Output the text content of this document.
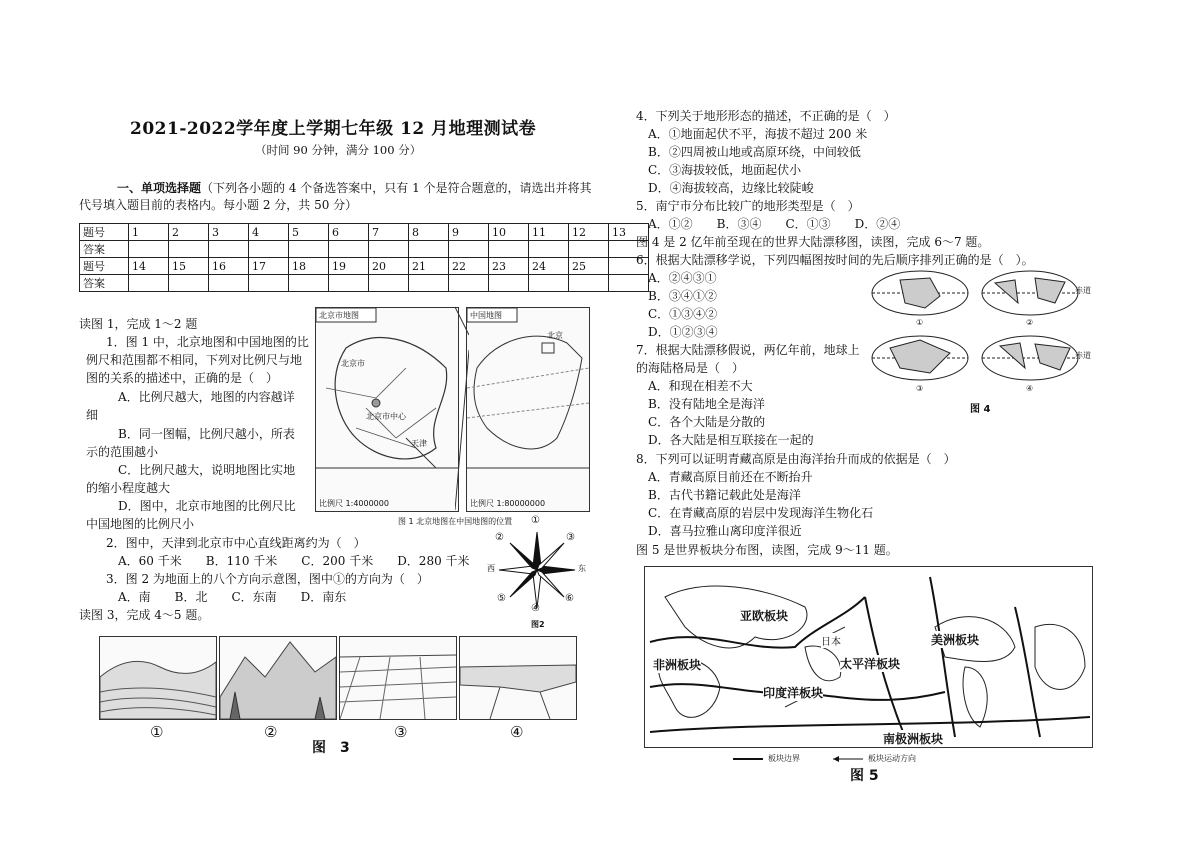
2021-2022学年度上学期七年级 12 月地理测试卷
（时间 90 分钟，满分 100 分）
一、单项选择题（下列各小题的 4 个备选答案中，只有 1 个是符合题意的，请选出并将其
代号填入题目前的表格内。每小题 2 分，共 50 分）
题号	1	2	3	4	5	6	7	8	9	10	11	12	13
答案													
题号	14	15	16	17	18	19	20	21	22	23	24	25	
答案													
读图 1，完成 1～2 题
1．图 1 中，北京地图和中国地图的比
例尺和范围都不相同，下列对比例尺与地
图的关系的描述中，正确的是（　）
A．比例尺越大，地图的内容越详
细
B．同一图幅，比例尺越小，所表
示的范围越小
C．比例尺越大，说明地图比实地
的缩小程度越大
D．图中，北京市地图的比例尺比
中国地图的比例尺小
2．图中，天津到北京市中心直线距离约为（　）
A．60 千米　　B．110 千米　　C．200 千米　　D．280 千米
3．图 2 为地面上的八个方向示意图，图中①的方向为（　）
A．南　　B．北　　C．东南　　D．南东
读图 3，完成 4～5 题。
北京市地图
北京市
北京市中心
天津
比例尺 1:4000000
中国地图
北京
比例尺 1:80000000
图 1 北京地图在中国地图的位置 ①
②	③
④
⑤	⑥
西	东
图2
①	②	③	④
图　3
4．下列关于地形形态的描述，不正确的是（　）
A．①地面起伏不平，海拔不超过 200 米
B．②四周被山地或高原环绕，中间较低
C．③海拔较低，地面起伏小
D．④海拔较高，边缘比较陡峻
5．南宁市分布比较广的地形类型是（　）
A．①②　　B．③④　　C．①③　　D．②④
图 4 是 2 亿年前至现在的世界大陆漂移图，读图，完成 6～7 题。
6．根据大陆漂移学说，下列四幅图按时间的先后顺序排列正确的是（　）。
A．②④③①
B．③④①②
C．①③④②
D．①②③④
7．根据大陆漂移假说，两亿年前，地球上
的海陆格局是（　）
A．和现在相差不大
B．没有陆地全是海洋
C．各个大陆是分散的
D．各大陆是相互联接在一起的
8．下列可以证明青藏高原是由海洋抬升而成的依据是（　）
A．青藏高原目前还在不断抬升
B．古代书籍记载此处是海洋
C．在青藏高原的岩层中发现海洋生物化石
D．喜马拉雅山离印度洋很近
图 5 是世界板块分布图，读图，完成 9～11 题。
赤道
赤道
①	②
③	④
图 4
亚欧板块
美洲板块
非洲板块	太平洋板块
印度洋板块
南极洲板块
日本
板块边界	板块运动方向
图 5
